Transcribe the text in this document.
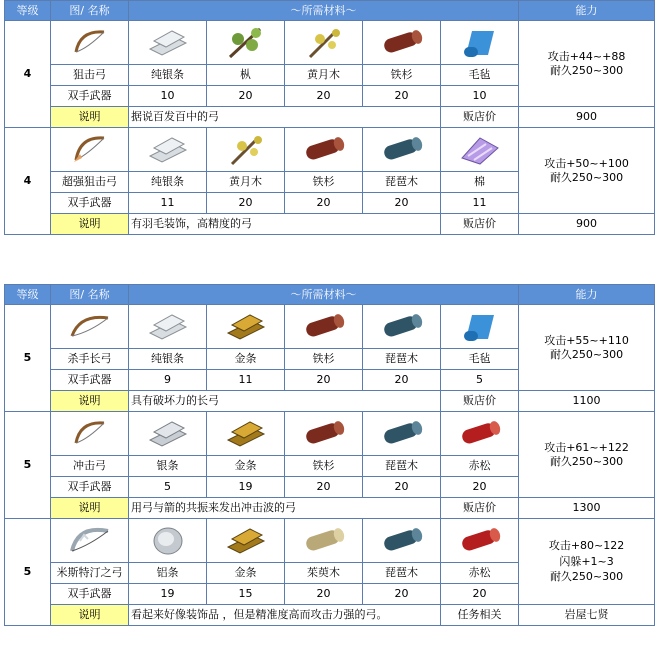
等级	图/ 名称	～所需材料～					能力
4							攻击+44~+88
耐久250~300

	狙击弓	纯银条	枞	黄月木	铁杉	毛毡	
	双手武器	10	20	20	20	10	
	说明	据说百发百中的弓				贩店价	900
4							攻击+50~+100
耐久250~300

	超强狙击弓	纯银条	黄月木	铁杉	琵琶木	棉	
	双手武器	11	20	20	20	11	
	说明	有羽毛装饰，高精度的弓				贩店价	900
等级	图/ 名称	～所需材料～					能力
5							攻击+55~+110
耐久250~300

	杀手长弓	纯银条	金条	铁杉	琵琶木	毛毡	
	双手武器	9	11	20	20	5	
	说明	具有破坏力的长弓				贩店价	1100
5							攻击+61~+122
耐久250~300

	冲击弓	银条	金条	铁杉	琵琶木	赤松	
	双手武器	5	19	20	20	20	
	说明	用弓与箭的共振来发出冲击波的弓				贩店价	1300
5							攻击+80~122
闪躲+1~3
耐久250~300

	米斯特汀之弓	铝条	金条	茱萸木	琵琶木	赤松	
	双手武器	19	15	20	20	20	
	说明	看起来好像装饰品 ，但是精准度高而攻击力强的弓。				任务相关	岩屋七贤
